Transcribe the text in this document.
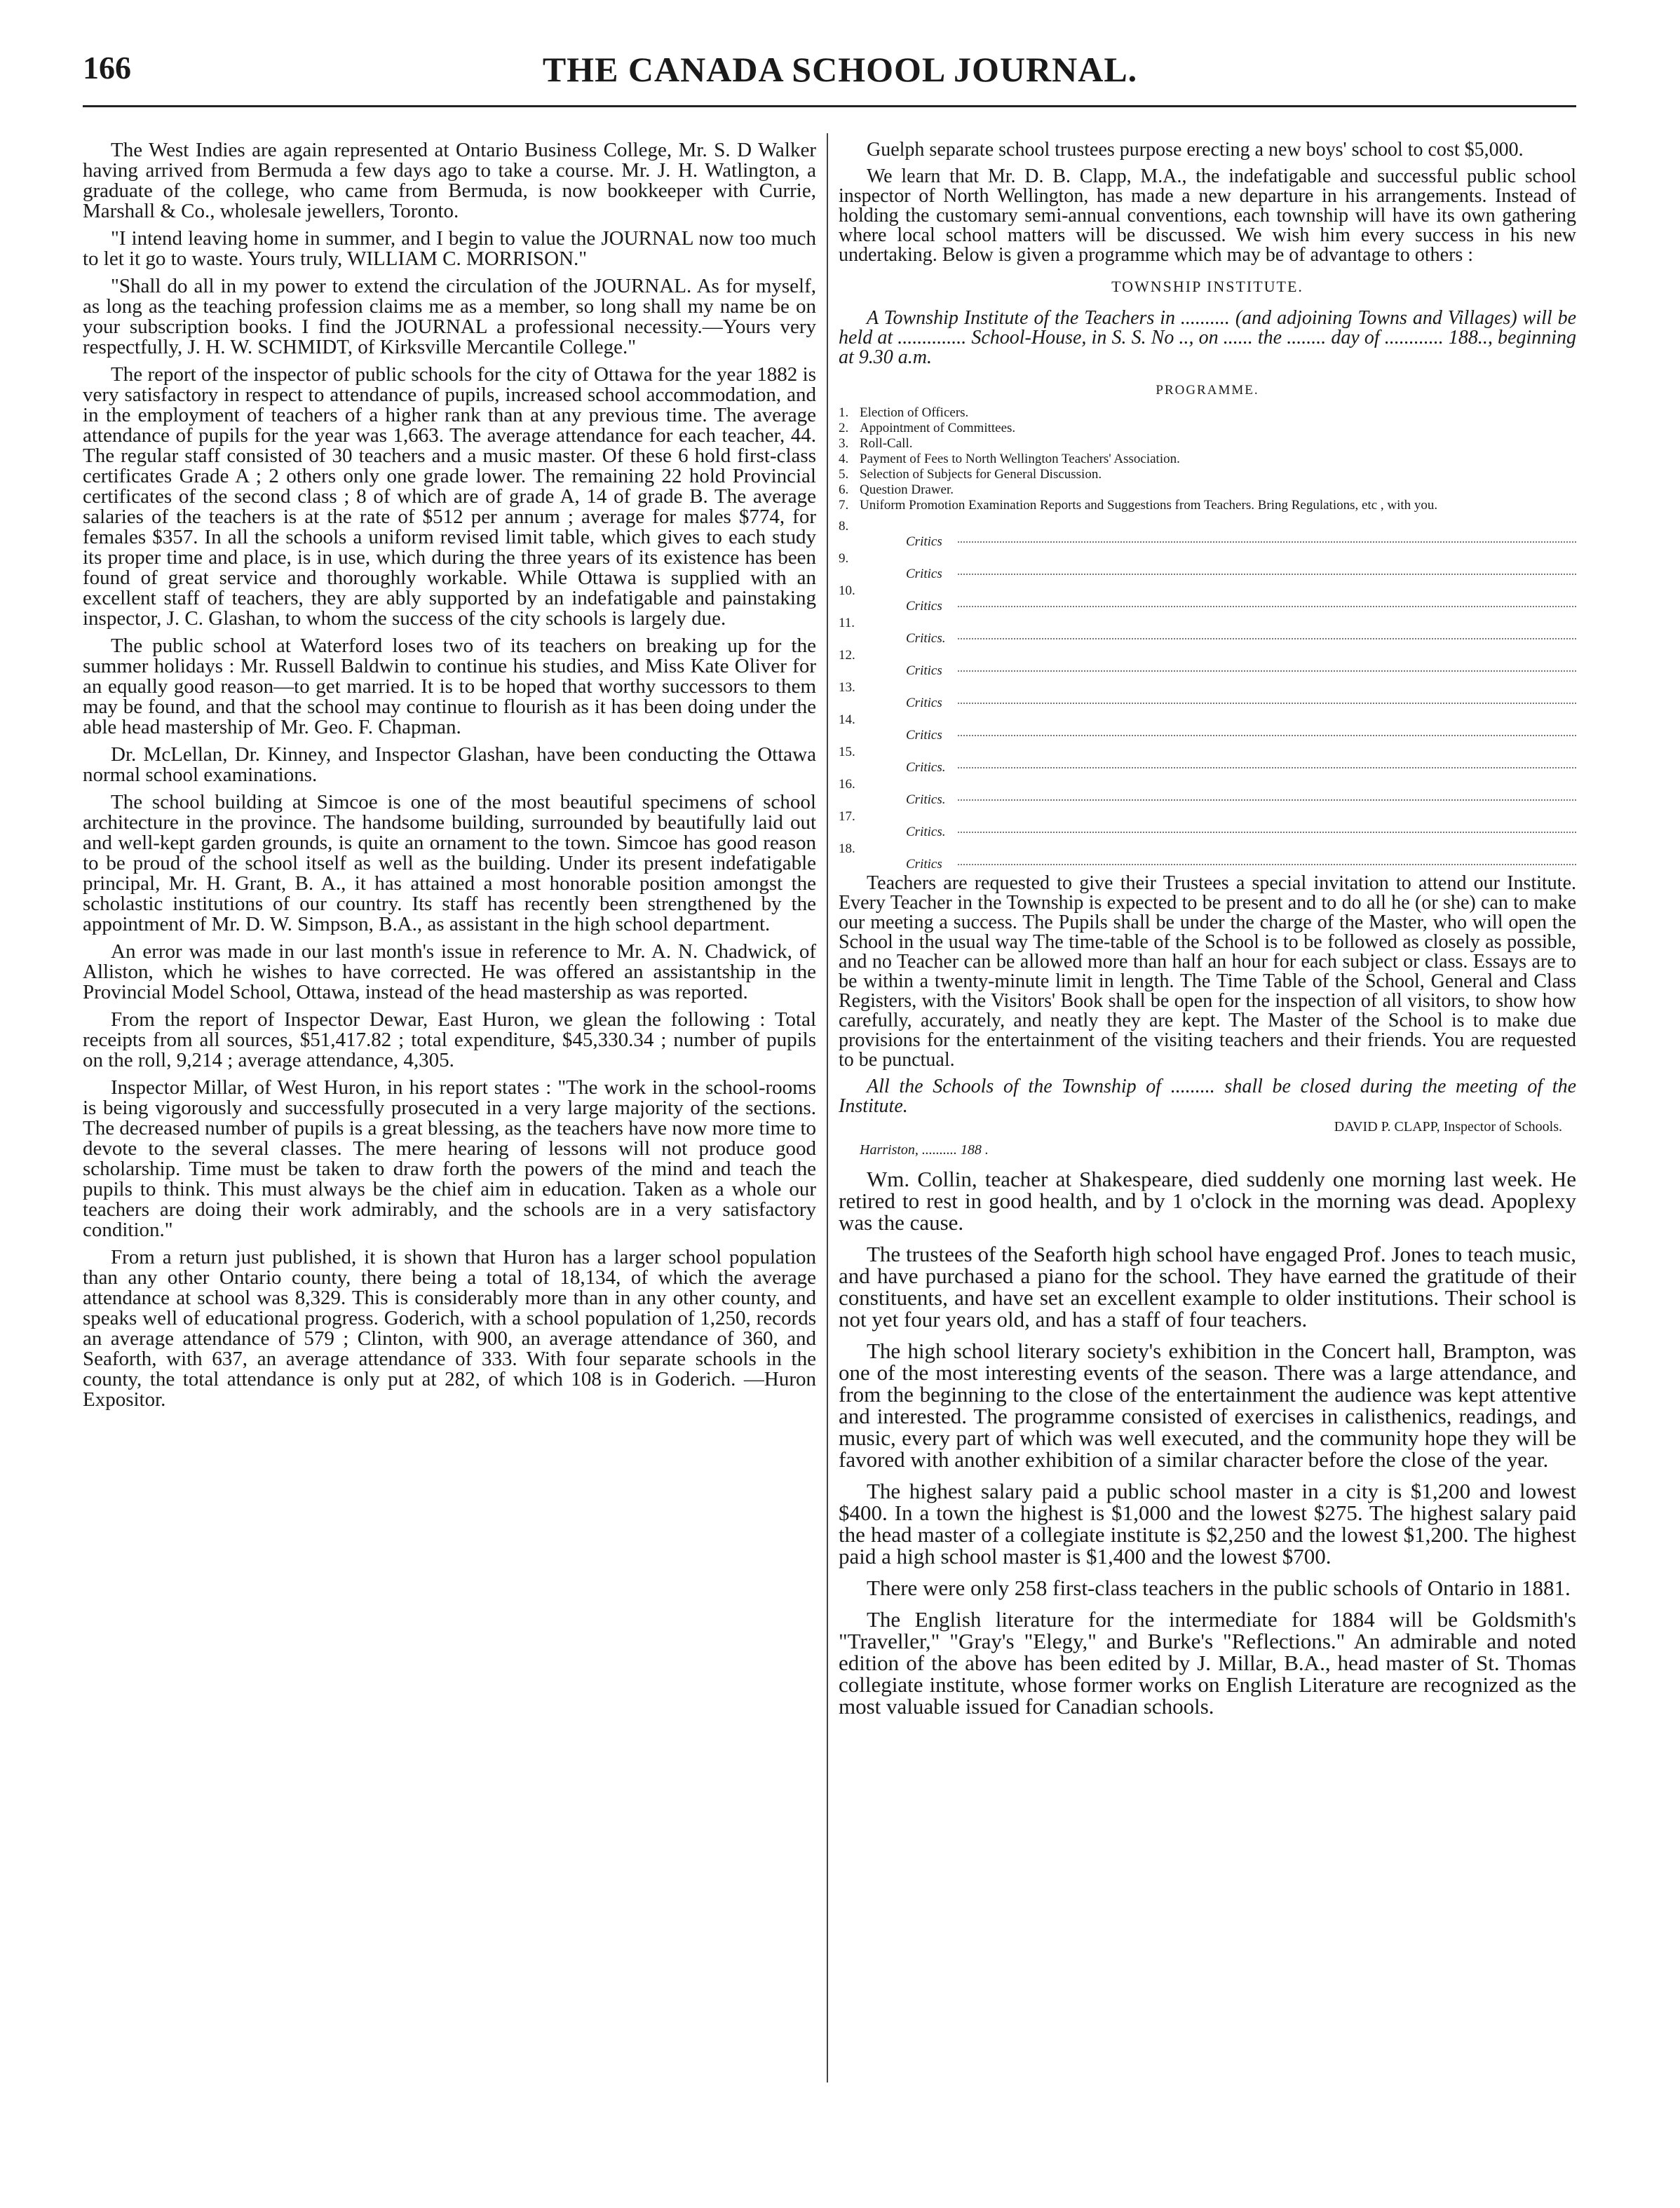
166	THE CANADA SCHOOL JOURNAL.

The West Indies are again represented at Ontario Business College, Mr. S. D Walker having arrived from Bermuda a few days ago to take a course. Mr. J. H. Watlington, a graduate of the college, who came from Bermuda, is now bookkeeper with Currie, Marshall & Co., wholesale jewellers, Toronto.

"I intend leaving home in summer, and I begin to value the JOURNAL now too much to let it go to waste. Yours truly, WILLIAM C. MORRISON."

"Shall do all in my power to extend the circulation of the JOURNAL. As for myself, as long as the teaching profession claims me as a member, so long shall my name be on your subscription books. I find the JOURNAL a professional necessity.—Yours very respectfully, J. H. W. SCHMIDT, of Kirksville Mercantile College."

The report of the inspector of public schools for the city of Ottawa for the year 1882 is very satisfactory in respect to attendance of pupils, increased school accommodation, and in the employment of teachers of a higher rank than at any previous time. The average attendance of pupils for the year was 1,663. The average attendance for each teacher, 44. The regular staff consisted of 30 teachers and a music master. Of these 6 hold first-class certificates Grade A ; 2 others only one grade lower. The remaining 22 hold Provincial certificates of the second class ; 8 of which are of grade A, 14 of grade B. The average salaries of the teachers is at the rate of $512 per annum ; average for males $774, for females $357. In all the schools a uniform revised limit table, which gives to each study its proper time and place, is in use, which during the three years of its existence has been found of great service and thoroughly workable. While Ottawa is supplied with an excellent staff of teachers, they are ably supported by an indefatigable and painstaking inspector, J. C. Glashan, to whom the success of the city schools is largely due.

The public school at Waterford loses two of its teachers on breaking up for the summer holidays : Mr. Russell Baldwin to continue his studies, and Miss Kate Oliver for an equally good reason—to get married. It is to be hoped that worthy successors to them may be found, and that the school may continue to flourish as it has been doing under the able head mastership of Mr. Geo. F. Chapman.

Dr. McLellan, Dr. Kinney, and Inspector Glashan, have been conducting the Ottawa normal school examinations.

The school building at Simcoe is one of the most beautiful specimens of school architecture in the province. The handsome building, surrounded by beautifully laid out and well-kept garden grounds, is quite an ornament to the town. Simcoe has good reason to be proud of the school itself as well as the building. Under its present indefatigable principal, Mr. H. Grant, B. A., it has attained a most honorable position amongst the scholastic institutions of our country. Its staff has recently been strengthened by the appointment of Mr. D. W. Simpson, B.A., as assistant in the high school department.

An error was made in our last month's issue in reference to Mr. A. N. Chadwick, of Alliston, which he wishes to have corrected. He was offered an assistantship in the Provincial Model School, Ottawa, instead of the head mastership as was reported.

From the report of Inspector Dewar, East Huron, we glean the following : Total receipts from all sources, $51,417.82 ; total expenditure, $45,330.34 ; number of pupils on the roll, 9,214 ; average attendance, 4,305.

Inspector Millar, of West Huron, in his report states : "The work in the school-rooms is being vigorously and successfully prosecuted in a very large majority of the sections. The decreased number of pupils is a great blessing, as the teachers have now more time to devote to the several classes. The mere hearing of lessons will not produce good scholarship. Time must be taken to draw forth the powers of the mind and teach the pupils to think. This must always be the chief aim in education. Taken as a whole our teachers are doing their work admirably, and the schools are in a very satisfactory condition."

From a return just published, it is shown that Huron has a larger school population than any other Ontario county, there being a total of 18,134, of which the average attendance at school was 8,329. This is considerably more than in any other county, and speaks well of educational progress. Goderich, with a school population of 1,250, records an average attendance of 579 ; Clinton, with 900, an average attendance of 360, and Seaforth, with 637, an average attendance of 333. With four separate schools in the county, the total attendance is only put at 282, of which 108 is in Goderich. —Huron Expositor.

Guelph separate school trustees purpose erecting a new boys' school to cost $5,000.

We learn that Mr. D. B. Clapp, M.A., the indefatigable and successful public school inspector of North Wellington, has made a new departure in his arrangements. Instead of holding the customary semi-annual conventions, each township will have its own gathering where local school matters will be discussed. We wish him every success in his new undertaking. Below is given a programme which may be of advantage to others :

TOWNSHIP INSTITUTE.

A Township Institute of the Teachers in .......... (and adjoining Towns and Villages) will be held at .............. School-House, in S. S. No .., on ...... the ........ day of ............ 188.., beginning at 9.30 a.m.

PROGRAMME.
1. Election of Officers.
2. Appointment of Committees.
3. Roll-Call.
4. Payment of Fees to North Wellington Teachers' Association.
5. Selection of Subjects for General Discussion.
6. Question Drawer.
7. Uniform Promotion Examination Reports and Suggestions from Teachers. Bring Regulations, etc , with you.
8.
Critics
9.
Critics
10.
Critics
11.
Critics.
12.
Critics
13.
Critics
14.
Critics
15.
Critics.
16.
Critics.
17.
Critics.
18.
Critics

Teachers are requested to give their Trustees a special invitation to attend our Institute. Every Teacher in the Township is expected to be present and to do all he (or she) can to make our meeting a success. The Pupils shall be under the charge of the Master, who will open the School in the usual way The time-table of the School is to be followed as closely as possible, and no Teacher can be allowed more than half an hour for each subject or class. Essays are to be within a twenty-minute limit in length. The Time Table of the School, General and Class Registers, with the Visitors' Book shall be open for the inspection of all visitors, to show how carefully, accurately, and neatly they are kept. The Master of the School is to make due provisions for the entertainment of the visiting teachers and their friends. You are requested to be punctual.

All the Schools of the Township of ......... shall be closed during the meeting of the Institute.

DAVID P. CLAPP, Inspector of Schools.
Harriston, .......... 188 .

Wm. Collin, teacher at Shakespeare, died suddenly one morning last week. He retired to rest in good health, and by 1 o'clock in the morning was dead. Apoplexy was the cause.

The trustees of the Seaforth high school have engaged Prof. Jones to teach music, and have purchased a piano for the school. They have earned the gratitude of their constituents, and have set an excellent example to older institutions. Their school is not yet four years old, and has a staff of four teachers.

The high school literary society's exhibition in the Concert hall, Brampton, was one of the most interesting events of the season. There was a large attendance, and from the beginning to the close of the entertainment the audience was kept attentive and interested. The programme consisted of exercises in calisthenics, readings, and music, every part of which was well executed, and the community hope they will be favored with another exhibition of a similar character before the close of the year.

The highest salary paid a public school master in a city is $1,200 and lowest $400. In a town the highest is $1,000 and the lowest $275. The highest salary paid the head master of a collegiate institute is $2,250 and the lowest $1,200. The highest paid a high school master is $1,400 and the lowest $700.

There were only 258 first-class teachers in the public schools of Ontario in 1881.

The English literature for the intermediate for 1884 will be Goldsmith's "Traveller," "Gray's "Elegy," and Burke's "Reflections." An admirable and noted edition of the above has been edited by J. Millar, B.A., head master of St. Thomas collegiate institute, whose former works on English Literature are recognized as the most valuable issued for Canadian schools.
